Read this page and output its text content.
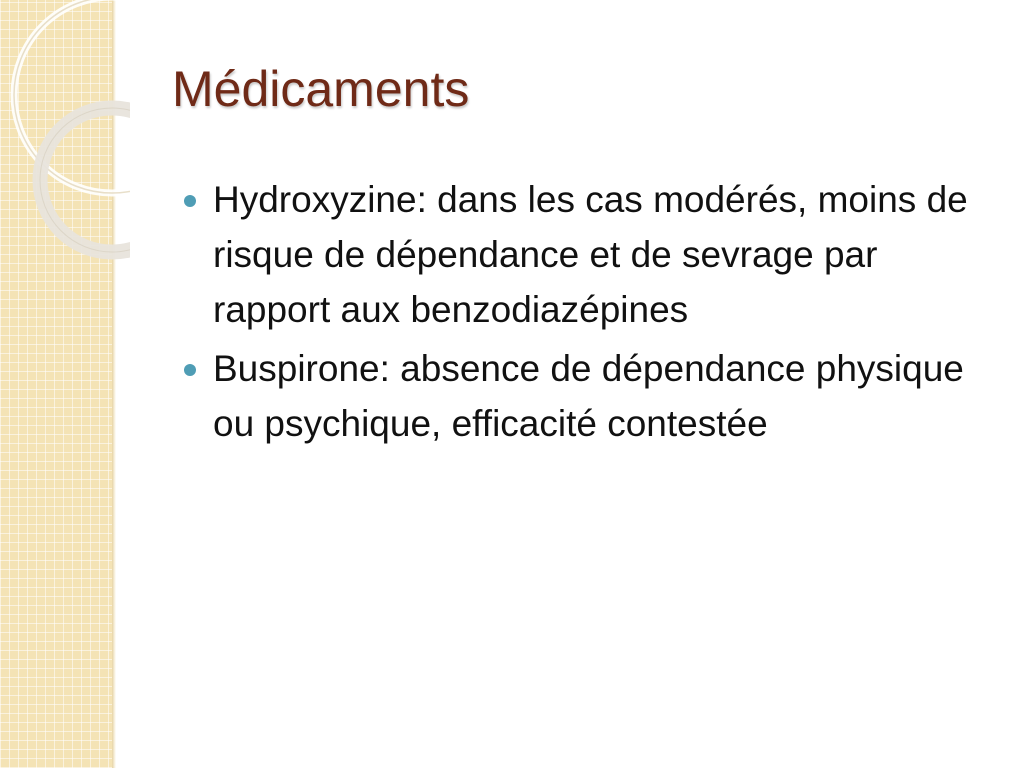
Médicaments
Hydroxyzine: dans les cas modérés, moins de risque de dépendance et de sevrage par rapport aux benzodiazépines
Buspirone: absence de dépendance physique ou psychique, efficacité contestée
